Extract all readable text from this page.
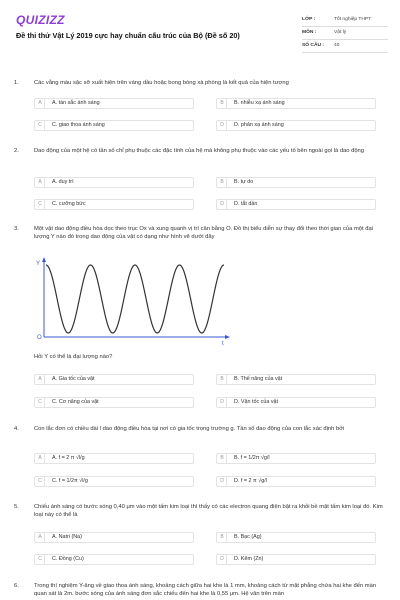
QUIZIZZ
Đề thi thử Vật Lý 2019 cực hay chuẩn cấu trúc của Bộ (Đề số 20)
LỚP :	Tốt nghiệp THPT
MÔN :	Vật lý
SỐ CÂU :	40
1.	Các vằng màu sặc sỡ xuất hiện trên váng dầu hoặc bong bóng xà phòng là kết quả của hiện tượng
A	A. tán sắc ánh sáng	B	B. nhiễu xạ ánh sáng
C	C. giao thoa ánh sáng	D	D. phản xạ ánh sáng
2.	Dao động của một hệ có tần số chỉ phụ thuộc các đặc tính của hệ mà không phụ thuộc vào các yếu tố bên ngoài gọi là dao động
A	A. duy trì	B	B. tự do
C	C. cưỡng bức	D	D. tắt dần
3.	Một vật dao động điều hòa dọc theo trục Ox và xung quanh vị trí cân bằng O. Đồ thị biểu diễn sự thay đổi theo thời gian của một đại lượng Y nào đó trong dao động của vật có dạng như hình vẽ dưới đây
Y
O
t
Hỏi Y có thể là đại lượng nào?
A	A. Gia tốc của vật	B	B. Thế năng của vật
C	C. Cơ năng của vật	D	D. Vận tốc của vật
4.	Con lắc đơn có chiều dài l dao động điều hòa tại nơi có gia tốc trọng trường g. Tần số dao động của con lắc xác định bởi
A	A. f = 2 π √l/g	B	B. f = 1/2π √g/l
C	C. f = 1/2π √l/g	D	D. f = 2 π √g/l
5.	Chiếu ánh sáng có bước sóng 0,40 μm vào một tấm kim loại thì thấy có các electron quang điện bật ra khỏi bề mặt tấm kim loại đó. Kim loại này có thể là
A	A. Natri (Na)	B	B. Bạc (Ag)
C	C. Đồng (Cu)	D	D. Kẽm (Zn)
6.	Trong thí nghiệm Y-âng về giao thoa ánh sáng, khoảng cách giữa hai khe là 1 mm, khoảng cách từ mặt phẳng chứa hai khe đến màn quan sát là 2m. bước sóng của ánh sáng đơn sắc chiếu đến hai khe là 0,55 μm. Hệ vân trên màn
